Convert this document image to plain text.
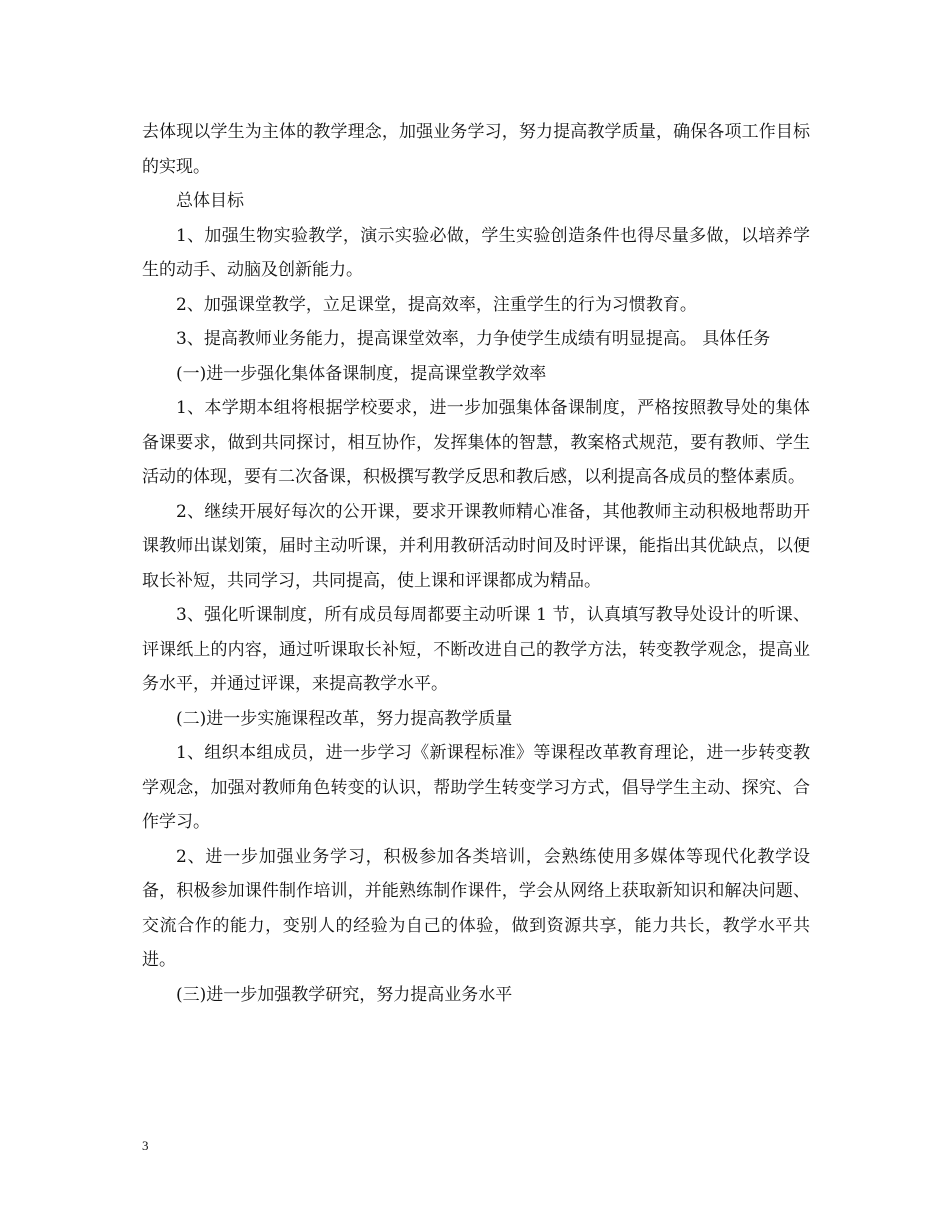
去体现以学生为主体的教学理念，加强业务学习，努力提高教学质量，确保各项工作目标的实现。

总体目标

1、加强生物实验教学，演示实验必做，学生实验创造条件也得尽量多做，以培养学生的动手、动脑及创新能力。

2、加强课堂教学，立足课堂，提高效率，注重学生的行为习惯教育。

3、提高教师业务能力，提高课堂效率，力争使学生成绩有明显提高。 具体任务

(一)进一步强化集体备课制度，提高课堂教学效率

1、本学期本组将根据学校要求，进一步加强集体备课制度，严格按照教导处的集体备课要求，做到共同探讨，相互协作，发挥集体的智慧，教案格式规范，要有教师、学生活动的体现，要有二次备课，积极撰写教学反思和教后感，以利提高各成员的整体素质。

2、继续开展好每次的公开课，要求开课教师精心准备，其他教师主动积极地帮助开课教师出谋划策，届时主动听课，并利用教研活动时间及时评课，能指出其优缺点，以便取长补短，共同学习，共同提高，使上课和评课都成为精品。

3、强化听课制度，所有成员每周都要主动听课 1 节，认真填写教导处设计的听课、评课纸上的内容，通过听课取长补短，不断改进自己的教学方法，转变教学观念，提高业务水平，并通过评课，来提高教学水平。

(二)进一步实施课程改革，努力提高教学质量

1、组织本组成员，进一步学习《新课程标准》等课程改革教育理论，进一步转变教学观念，加强对教师角色转变的认识，帮助学生转变学习方式，倡导学生主动、探究、合作学习。

2、进一步加强业务学习，积极参加各类培训，会熟练使用多媒体等现代化教学设备，积极参加课件制作培训，并能熟练制作课件，学会从网络上获取新知识和解决问题、交流合作的能力，变别人的经验为自己的体验，做到资源共享，能力共长，教学水平共进。

(三)进一步加强教学研究，努力提高业务水平

3
